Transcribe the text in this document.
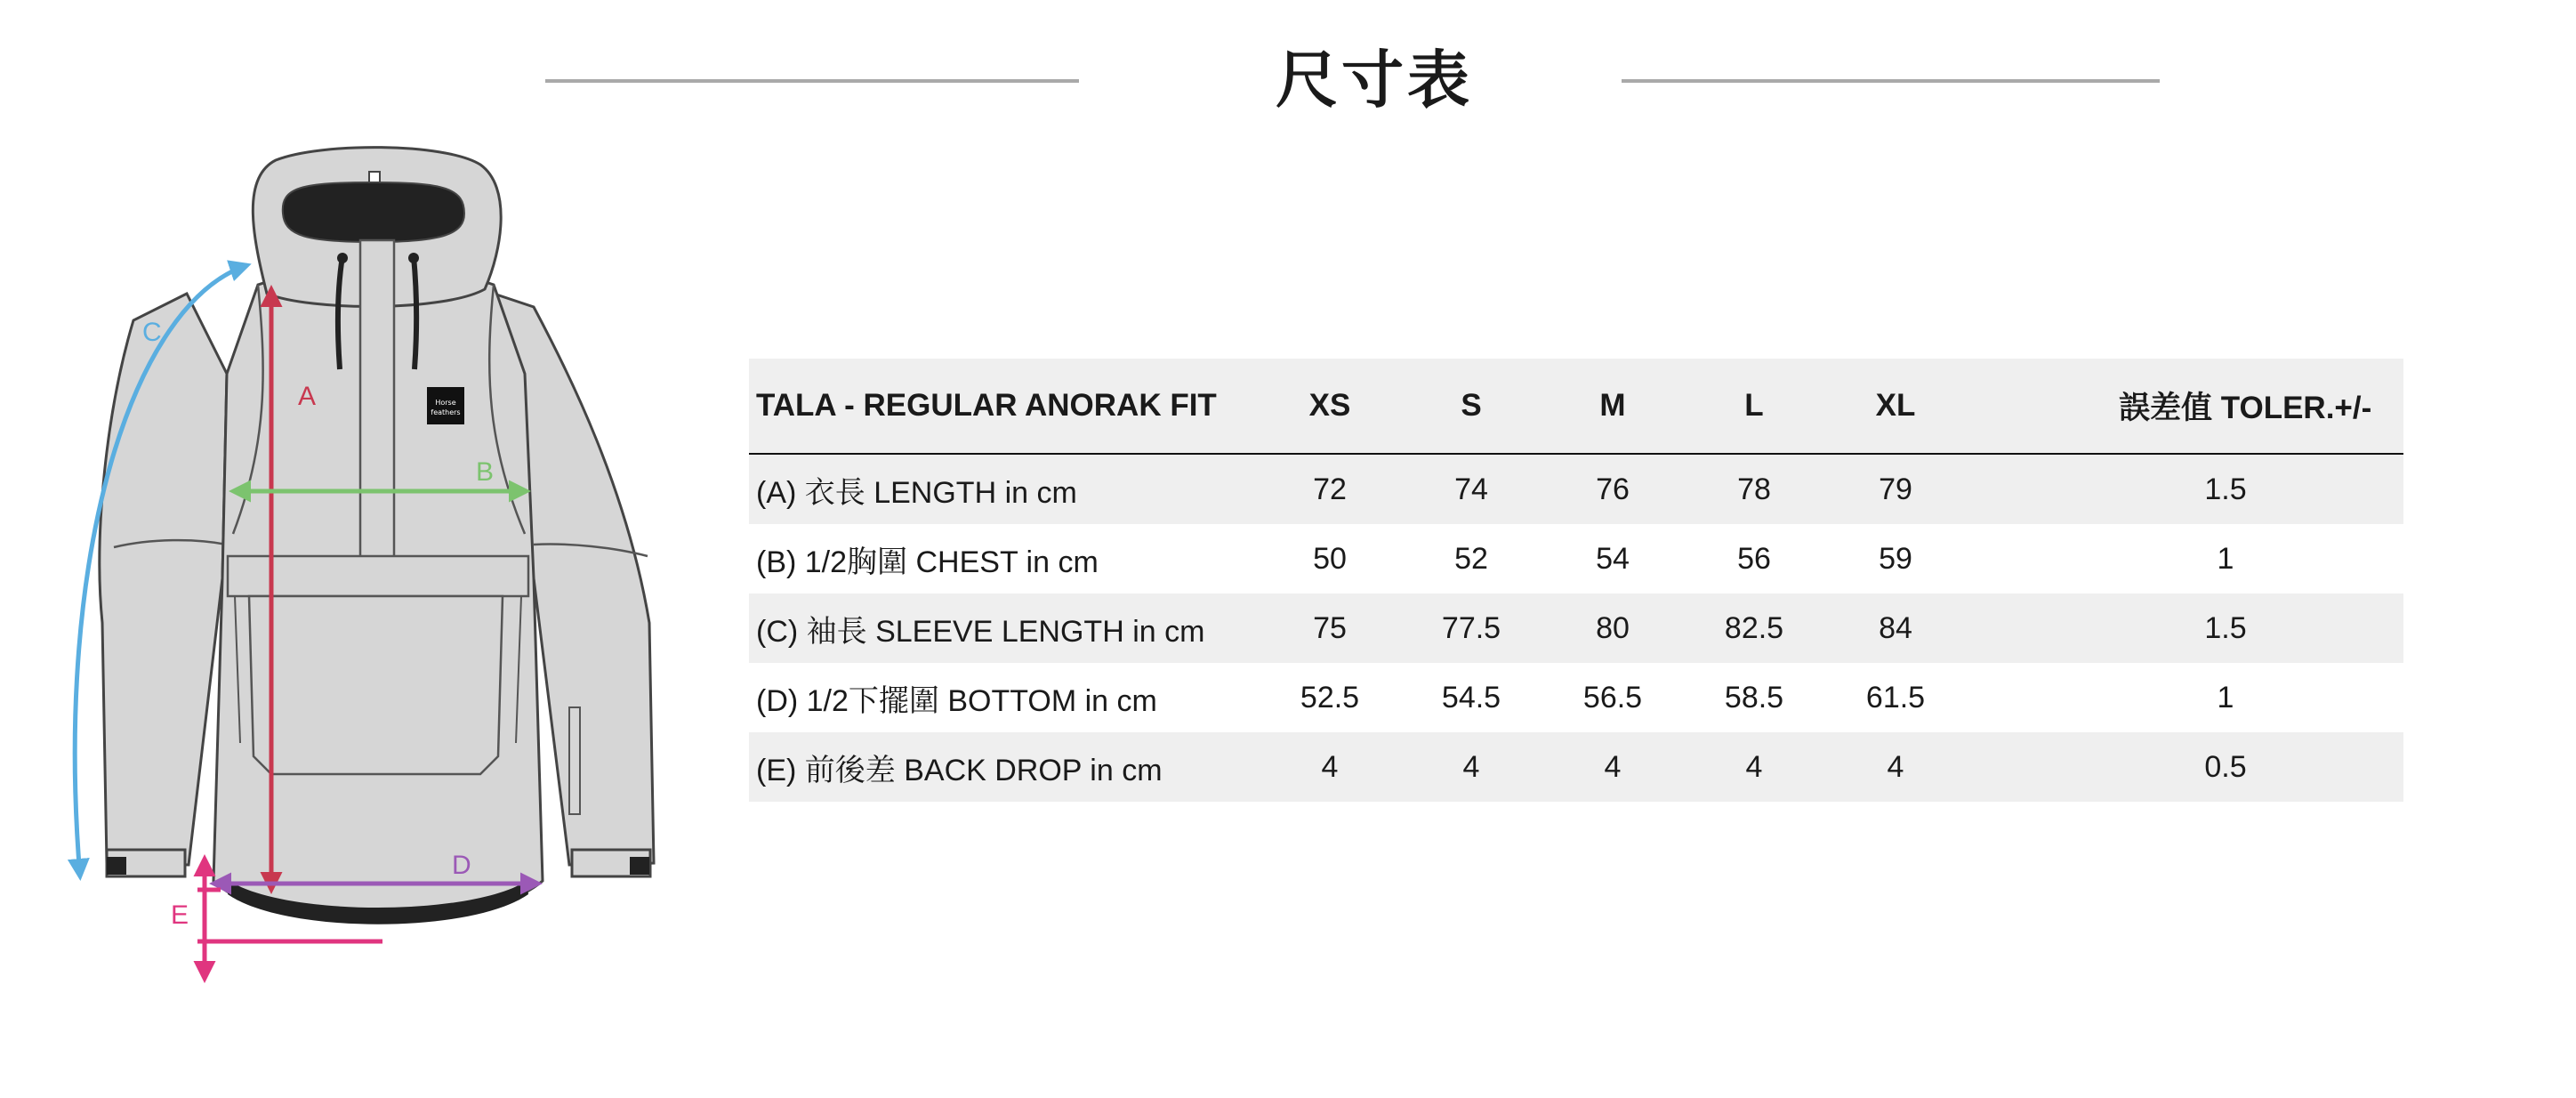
尺寸表
Horse
feathers
C
A
B
D
E
TALA - REGULAR ANORAK FIT	XS	S	M	L	XL	誤差值 TOLER.+/-
(A) 衣長 LENGTH in cm	72	74	76	78	79	1.5
(B) 1/2胸圍 CHEST in cm	50	52	54	56	59	1
(C) 袖長 SLEEVE LENGTH in cm	75	77.5	80	82.5	84	1.5
(D) 1/2下擺圍 BOTTOM in cm	52.5	54.5	56.5	58.5	61.5	1
(E) 前後差 BACK DROP in cm	4	4	4	4	4	0.5
